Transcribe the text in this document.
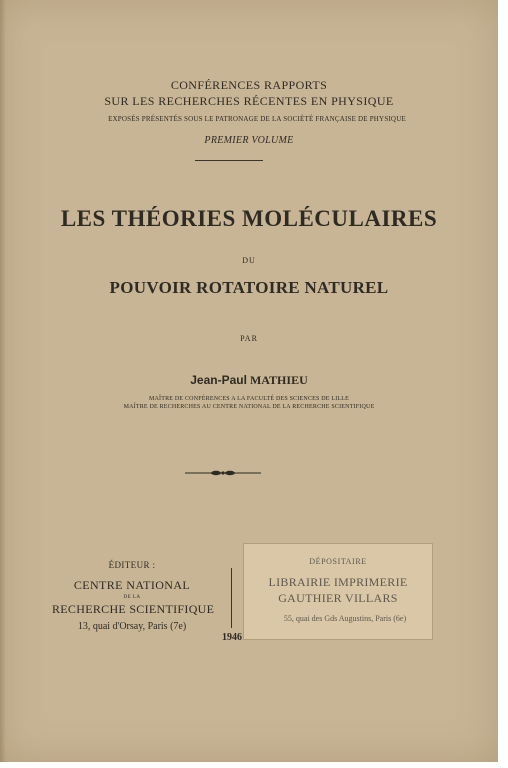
CONFÉRENCES RAPPORTS
SUR LES RECHERCHES RÉCENTES EN PHYSIQUE
EXPOSÉS PRÉSENTÉS SOUS LE PATRONAGE DE LA SOCIÉTÉ FRANÇAISE DE PHYSIQUE
PREMIER VOLUME
LES THÉORIES MOLÉCULAIRES
DU
POUVOIR ROTATOIRE NATUREL
PAR
Jean-Paul MATHIEU
MAÎTRE DE CONFÉRENCES A LA FACULTÉ DES SCIENCES DE LILLE
MAÎTRE DE RECHERCHES AU CENTRE NATIONAL DE LA RECHERCHE SCIENTIFIQUE
ÉDITEUR :
CENTRE NATIONAL
DE LA
RECHERCHE SCIENTIFIQUE
13, quai d'Orsay, Paris (7e)
1946
DÉPOSITAIRE
LIBRAIRIE IMPRIMERIE
GAUTHIER VILLARS
55, quai des Gds Augustins, Paris (6e)
